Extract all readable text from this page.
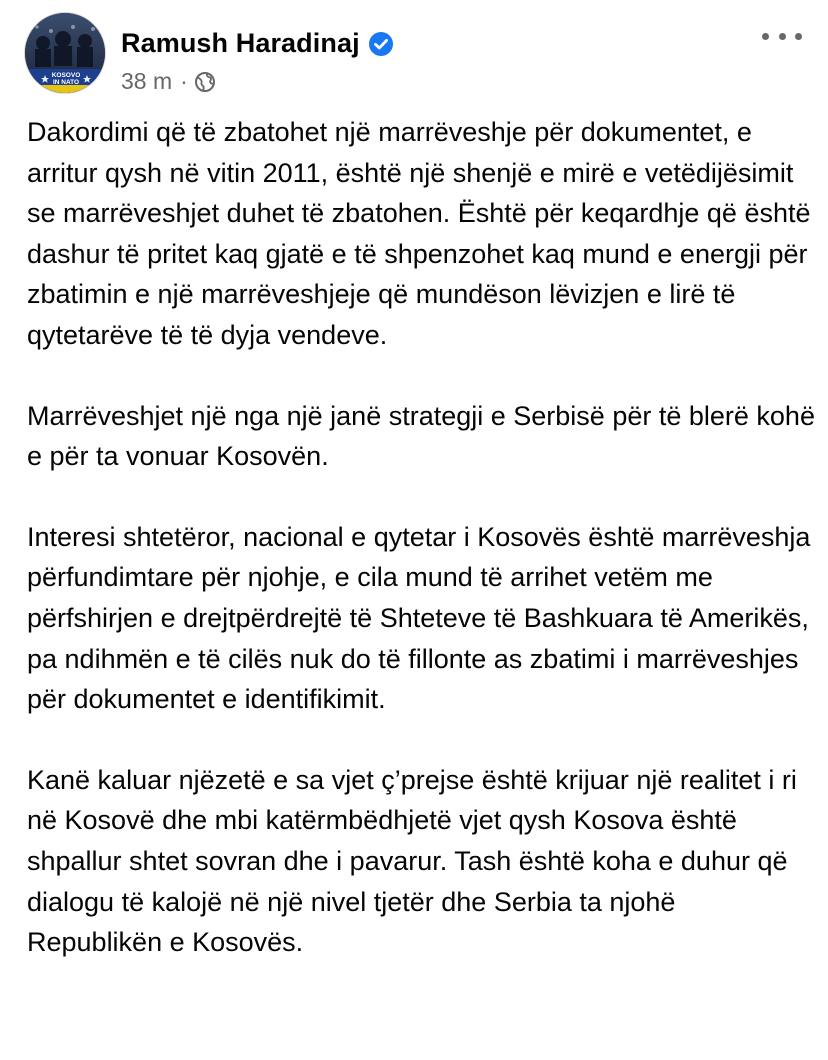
KOSOVO
IN NATO
Ramush Haradinaj
38 m ·

Dakordimi që të zbatohet një marrëveshje për dokumentet, e arritur qysh në vitin 2011, është një shenjë e mirë e vetëdijësimit se marrëveshjet duhet të zbatohen. Është për keqardhje që është dashur të pritet kaq gjatë e të shpenzohet kaq mund e energji për zbatimin e një marrëveshjeje që mundëson lëvizjen e lirë të qytetarëve të të dyja vendeve.

Marrëveshjet një nga një janë strategji e Serbisë për të blerë kohë e për ta vonuar Kosovën.

Interesi shtetëror, nacional e qytetar i Kosovës është marrëveshja përfundimtare për njohje, e cila mund të arrihet vetëm me përfshirjen e drejtpërdrejtë të Shteteve të Bashkuara të Amerikës, pa ndihmën e të cilës nuk do të fillonte as zbatimi i marrëveshjes për dokumentet e identifikimit.

Kanë kaluar njëzetë e sa vjet ç’prejse është krijuar një realitet i ri në Kosovë dhe mbi katërmbëdhjetë vjet qysh Kosova është shpallur shtet sovran dhe i pavarur. Tash është koha e duhur që dialogu të kalojë në një nivel tjetër dhe Serbia ta njohë Republikën e Kosovës.
